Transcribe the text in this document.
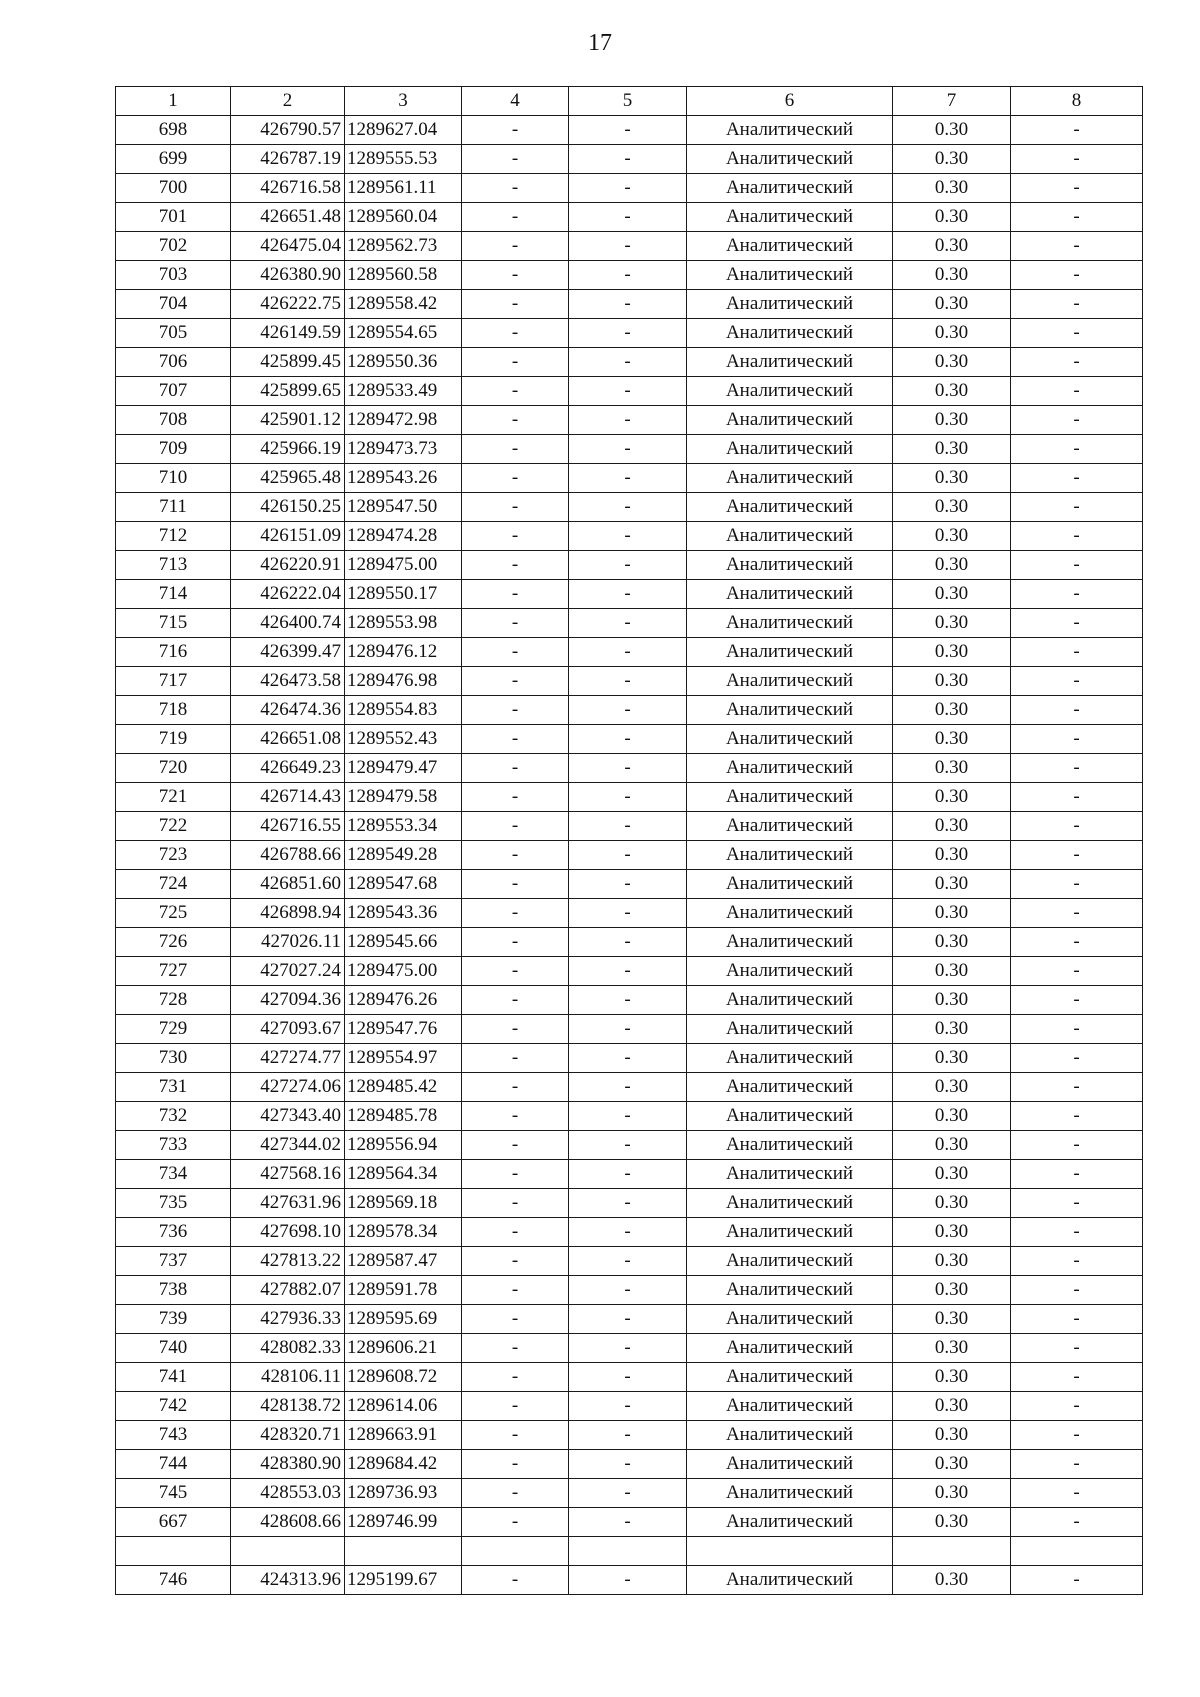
17
1	2	3	4	5	6	7	8
698	426790.57	1289627.04	-	-	Аналитический	0.30	-
699	426787.19	1289555.53	-	-	Аналитический	0.30	-
700	426716.58	1289561.11	-	-	Аналитический	0.30	-
701	426651.48	1289560.04	-	-	Аналитический	0.30	-
702	426475.04	1289562.73	-	-	Аналитический	0.30	-
703	426380.90	1289560.58	-	-	Аналитический	0.30	-
704	426222.75	1289558.42	-	-	Аналитический	0.30	-
705	426149.59	1289554.65	-	-	Аналитический	0.30	-
706	425899.45	1289550.36	-	-	Аналитический	0.30	-
707	425899.65	1289533.49	-	-	Аналитический	0.30	-
708	425901.12	1289472.98	-	-	Аналитический	0.30	-
709	425966.19	1289473.73	-	-	Аналитический	0.30	-
710	425965.48	1289543.26	-	-	Аналитический	0.30	-
711	426150.25	1289547.50	-	-	Аналитический	0.30	-
712	426151.09	1289474.28	-	-	Аналитический	0.30	-
713	426220.91	1289475.00	-	-	Аналитический	0.30	-
714	426222.04	1289550.17	-	-	Аналитический	0.30	-
715	426400.74	1289553.98	-	-	Аналитический	0.30	-
716	426399.47	1289476.12	-	-	Аналитический	0.30	-
717	426473.58	1289476.98	-	-	Аналитический	0.30	-
718	426474.36	1289554.83	-	-	Аналитический	0.30	-
719	426651.08	1289552.43	-	-	Аналитический	0.30	-
720	426649.23	1289479.47	-	-	Аналитический	0.30	-
721	426714.43	1289479.58	-	-	Аналитический	0.30	-
722	426716.55	1289553.34	-	-	Аналитический	0.30	-
723	426788.66	1289549.28	-	-	Аналитический	0.30	-
724	426851.60	1289547.68	-	-	Аналитический	0.30	-
725	426898.94	1289543.36	-	-	Аналитический	0.30	-
726	427026.11	1289545.66	-	-	Аналитический	0.30	-
727	427027.24	1289475.00	-	-	Аналитический	0.30	-
728	427094.36	1289476.26	-	-	Аналитический	0.30	-
729	427093.67	1289547.76	-	-	Аналитический	0.30	-
730	427274.77	1289554.97	-	-	Аналитический	0.30	-
731	427274.06	1289485.42	-	-	Аналитический	0.30	-
732	427343.40	1289485.78	-	-	Аналитический	0.30	-
733	427344.02	1289556.94	-	-	Аналитический	0.30	-
734	427568.16	1289564.34	-	-	Аналитический	0.30	-
735	427631.96	1289569.18	-	-	Аналитический	0.30	-
736	427698.10	1289578.34	-	-	Аналитический	0.30	-
737	427813.22	1289587.47	-	-	Аналитический	0.30	-
738	427882.07	1289591.78	-	-	Аналитический	0.30	-
739	427936.33	1289595.69	-	-	Аналитический	0.30	-
740	428082.33	1289606.21	-	-	Аналитический	0.30	-
741	428106.11	1289608.72	-	-	Аналитический	0.30	-
742	428138.72	1289614.06	-	-	Аналитический	0.30	-
743	428320.71	1289663.91	-	-	Аналитический	0.30	-
744	428380.90	1289684.42	-	-	Аналитический	0.30	-
745	428553.03	1289736.93	-	-	Аналитический	0.30	-
667	428608.66	1289746.99	-	-	Аналитический	0.30	-

746	424313.96	1295199.67	-	-	Аналитический	0.30	-
